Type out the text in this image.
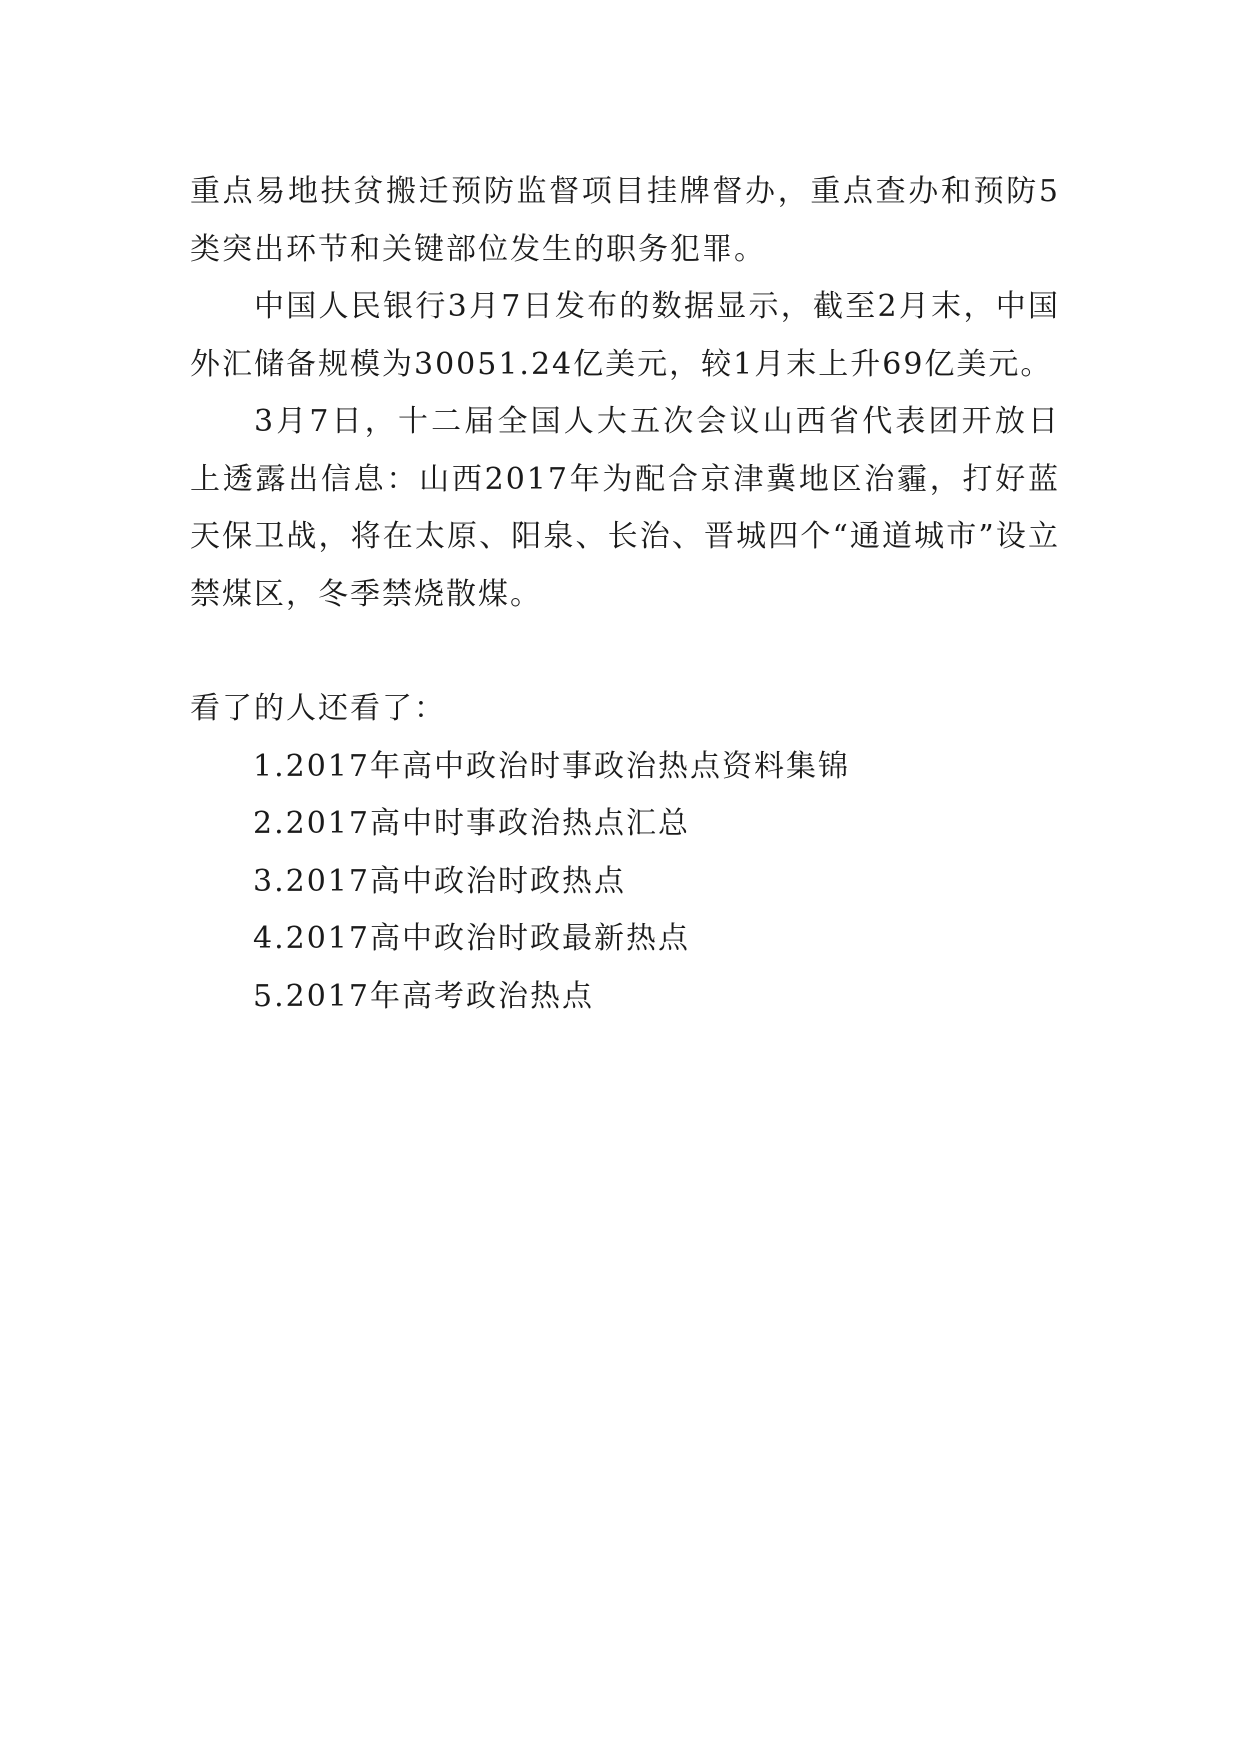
重点易地扶贫搬迁预防监督项目挂牌督办，重点查办和预防5类突出环节和关键部位发生的职务犯罪。

中国人民银行3月7日发布的数据显示，截至2月末，中国外汇储备规模为30051.24亿美元，较1月末上升69亿美元。

3月7日，十二届全国人大五次会议山西省代表团开放日上透露出信息：山西2017年为配合京津冀地区治霾，打好蓝天保卫战，将在太原、阳泉、长治、晋城四个“通道城市”设立禁煤区，冬季禁烧散煤。

看了的人还看了：

1.2017年高中政治时事政治热点资料集锦
2.2017高中时事政治热点汇总
3.2017高中政治时政热点
4.2017高中政治时政最新热点
5.2017年高考政治热点
